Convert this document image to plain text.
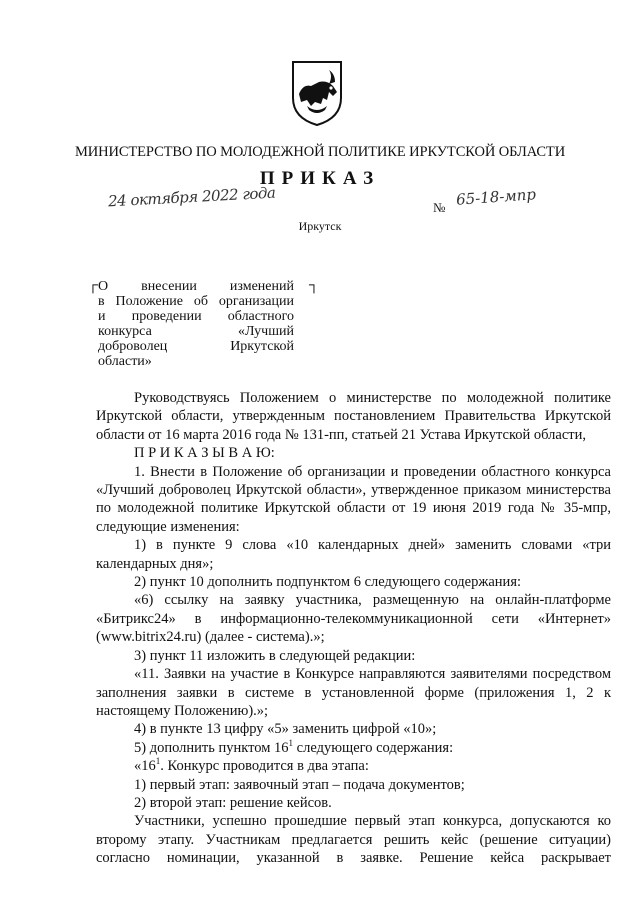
МИНИСТЕРСТВО ПО МОЛОДЕЖНОЙ ПОЛИТИКЕ ИРКУТСКОЙ ОБЛАСТИ
ПРИКАЗ
24 октября 2022 года	№ 65-18-мпр
Иркутск
┌	┐
О внесении изменений
в Положение об организации
и проведении областного
конкурса «Лучший
доброволец Иркутской
области»

Руководствуясь Положением о министерстве по молодежной политике Иркутской области, утвержденным постановлением Правительства Иркутской области от 16 марта 2016 года № 131-пп, статьей 21 Устава Иркутской области,

П Р И К А З Ы В А Ю:

1. Внести в Положение об организации и проведении областного конкурса «Лучший доброволец Иркутской области», утвержденное приказом министерства по молодежной политике Иркутской области от 19 июня 2019 года № 35-мпр, следующие изменения:

1) в пункте 9 слова «10 календарных дней» заменить словами «три календарных дня»;

2) пункт 10 дополнить подпунктом 6 следующего содержания:

«6) ссылку на заявку участника, размещенную на онлайн-платформе «Битрикс24» в информационно-телекоммуникационной сети «Интернет» (www.bitrix24.ru) (далее - система).»;

3) пункт 11 изложить в следующей редакции:

«11. Заявки на участие в Конкурсе направляются заявителями посредством заполнения заявки в системе в установленной форме (приложения 1, 2 к настоящему Положению).»;

4) в пункте 13 цифру «5» заменить цифрой «10»;

5) дополнить пунктом $16^1$ следующего содержания:

«$16^1$. Конкурс проводится в два этапа:

1) первый этап: заявочный этап – подача документов;

2) второй этап: решение кейсов.

Участники, успешно прошедшие первый этап конкурса, допускаются ко второму этапу. Участникам предлагается решить кейс (решение ситуации) согласно номинации, указанной в заявке. Решение кейса раскрывает
